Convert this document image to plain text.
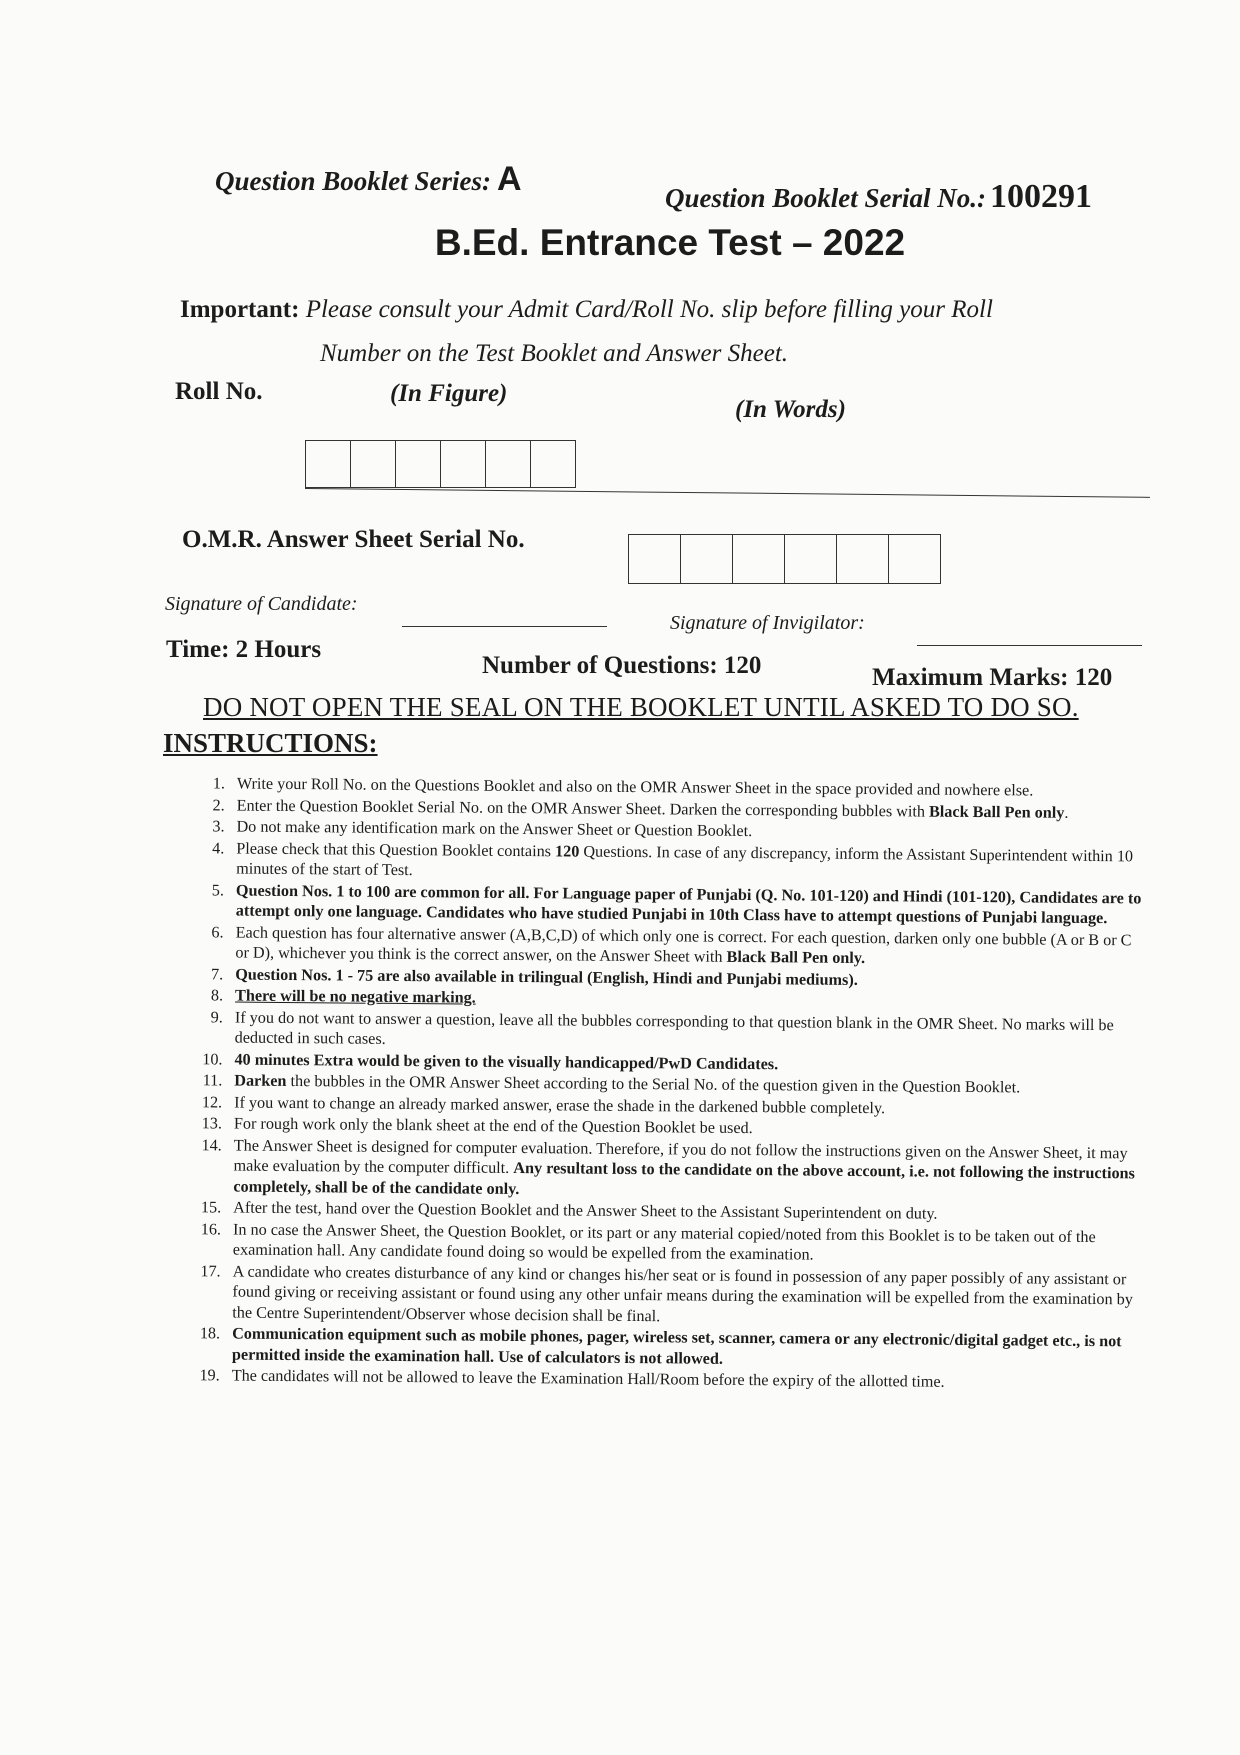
Question Booklet Series: A	Question Booklet Serial No.: 100291
B.Ed. Entrance Test – 2022
Important: Please consult your Admit Card/Roll No. slip before filling your Roll
Number on the Test Booklet and Answer Sheet.
Roll No.	(In Figure)
(In Words)
O.M.R. Answer Sheet Serial No.
Signature of Candidate:
Signature of Invigilator:
Time: 2 Hours
Number of Questions: 120	Maximum Marks: 120
DO NOT OPEN THE SEAL ON THE BOOKLET UNTIL ASKED TO DO SO.
INSTRUCTIONS:
1. Write your Roll No. on the Questions Booklet and also on the OMR Answer Sheet in the space provided and nowhere else.
2. Enter the Question Booklet Serial No. on the OMR Answer Sheet. Darken the corresponding bubbles with Black Ball Pen only.
3. Do not make any identification mark on the Answer Sheet or Question Booklet.
4. Please check that this Question Booklet contains 120 Questions. In case of any discrepancy, inform the Assistant Superintendent within 10 minutes of the start of Test.
5. Question Nos. 1 to 100 are common for all. For Language paper of Punjabi (Q. No. 101-120) and Hindi (101-120), Candidates are to attempt only one language. Candidates who have studied Punjabi in 10th Class have to attempt questions of Punjabi language.
6. Each question has four alternative answer (A,B,C,D) of which only one is correct. For each question, darken only one bubble (A or B or C or D), whichever you think is the correct answer, on the Answer Sheet with Black Ball Pen only.
7. Question Nos. 1 - 75 are also available in trilingual (English, Hindi and Punjabi mediums).
8. There will be no negative marking.
9. If you do not want to answer a question, leave all the bubbles corresponding to that question blank in the OMR Sheet. No marks will be deducted in such cases.
10. 40 minutes Extra would be given to the visually handicapped/PwD Candidates.
11. Darken the bubbles in the OMR Answer Sheet according to the Serial No. of the question given in the Question Booklet.
12. If you want to change an already marked answer, erase the shade in the darkened bubble completely.
13. For rough work only the blank sheet at the end of the Question Booklet be used.
14. The Answer Sheet is designed for computer evaluation. Therefore, if you do not follow the instructions given on the Answer Sheet, it may make evaluation by the computer difficult. Any resultant loss to the candidate on the above account, i.e. not following the instructions completely, shall be of the candidate only.
15. After the test, hand over the Question Booklet and the Answer Sheet to the Assistant Superintendent on duty.
16. In no case the Answer Sheet, the Question Booklet, or its part or any material copied/noted from this Booklet is to be taken out of the examination hall. Any candidate found doing so would be expelled from the examination.
17. A candidate who creates disturbance of any kind or changes his/her seat or is found in possession of any paper possibly of any assistant or found giving or receiving assistant or found using any other unfair means during the examination will be expelled from the examination by the Centre Superintendent/Observer whose decision shall be final.
18. Communication equipment such as mobile phones, pager, wireless set, scanner, camera or any electronic/digital gadget etc., is not permitted inside the examination hall. Use of calculators is not allowed.
19. The candidates will not be allowed to leave the Examination Hall/Room before the expiry of the allotted time.
